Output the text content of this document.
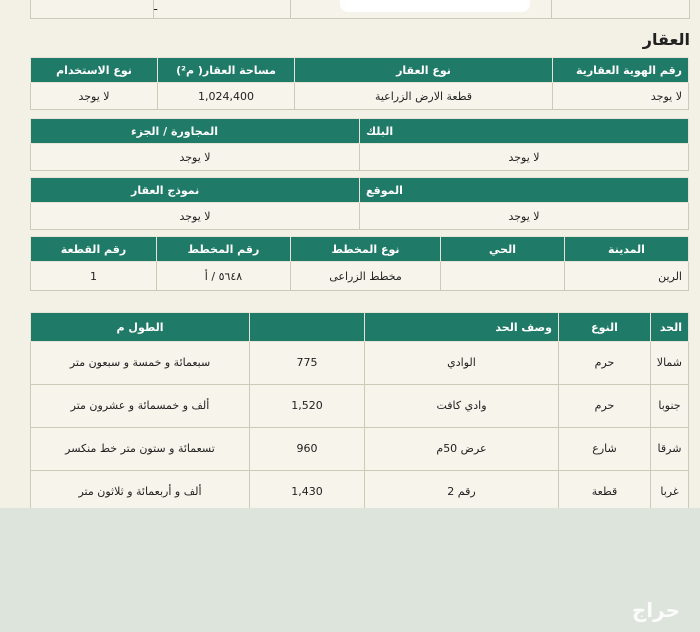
ـ
العقار
رقم الهوية العقارية	نوع العقار	مساحة العقار( م²)	نوع الاستخدام
لا يوجد	قطعة الارض الزراعية	1,024,400	لا يوجد
البلك	المجاورة / الجزء
لا يوجد	لا يوجد
الموقع	نموذج العقار
لا يوجد	لا يوجد
المدينة	الحي	نوع المخطط	رقم المخطط	رقم القطعة
الرين		مخطط الزراعى	٥٦٤٨ / أ	1
الحد	النوع	وصف الحد		الطول م
شمالا	حرم	الوادي	775	سبعمائة و خمسة و سبعون متر
جنوبا	حرم	وادي كافت	1,520	ألف و خمسمائة و عشرون متر
شرقا	شارع	عرض 50م	960	تسعمائة و ستون متر خط منكسر
غربا	قطعة	رقم 2	1,430	ألف و أربعمائة و ثلاثون متر
حراج
